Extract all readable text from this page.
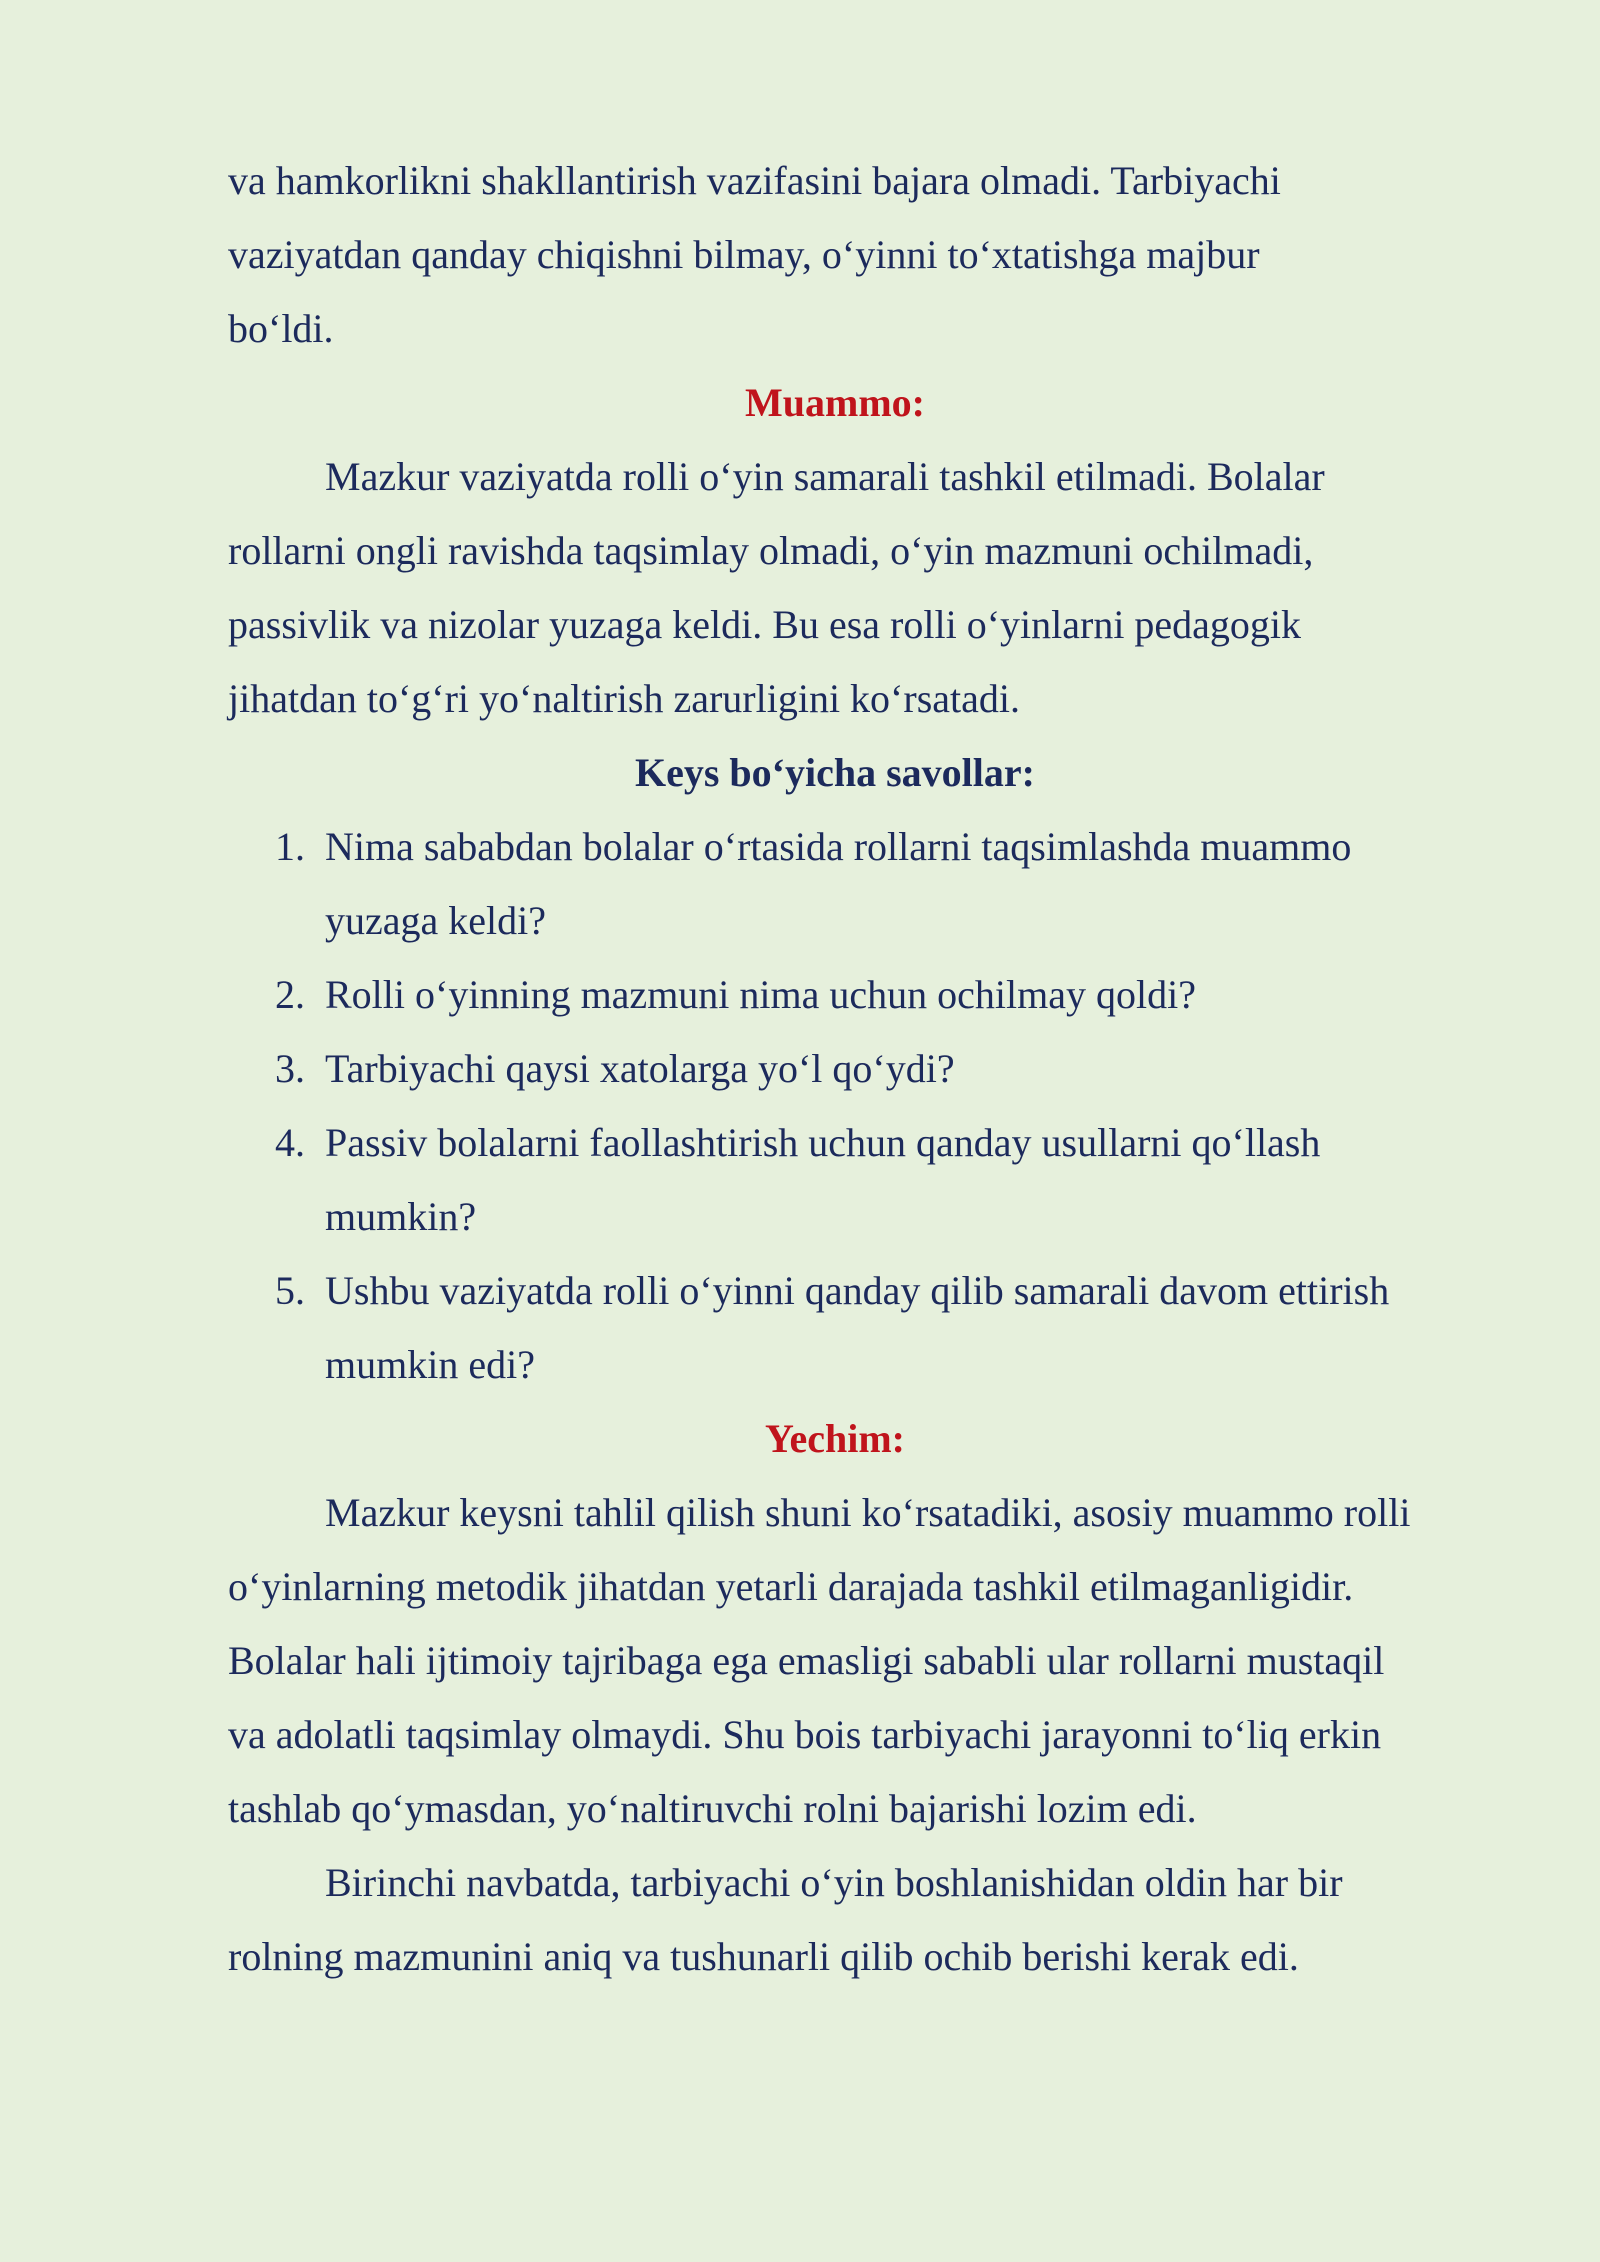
va hamkorlikni shakllantirish vazifasini bajara olmadi. Tarbiyachi

vaziyatdan qanday chiqishni bilmay, o‘yinni to‘xtatishga majbur

bo‘ldi.

Muammo:

Mazkur vaziyatda rolli o‘yin samarali tashkil etilmadi. Bolalar rollarni ongli ravishda taqsimlay olmadi, o‘yin mazmuni ochilmadi, passivlik va nizolar yuzaga keldi. Bu esa rolli o‘yinlarni pedagogik jihatdan to‘g‘ri yo‘naltirish zarurligini ko‘rsatadi.

Keys bo‘yicha savollar:

1. Nima sababdan bolalar o‘rtasida rollarni taqsimlashda muammo yuzaga keldi?
2. Rolli o‘yinning mazmuni nima uchun ochilmay qoldi?
3. Tarbiyachi qaysi xatolarga yo‘l qo‘ydi?
4. Passiv bolalarni faollashtirish uchun qanday usullarni qo‘llash mumkin?
5. Ushbu vaziyatda rolli o‘yinni qanday qilib samarali davom ettirish mumkin edi?

Yechim:

Mazkur keysni tahlil qilish shuni ko‘rsatadiki, asosiy muammo rolli o‘yinlarning metodik jihatdan yetarli darajada tashkil etilmaganligidir. Bolalar hali ijtimoiy tajribaga ega emasligi sababli ular rollarni mustaqil va adolatli taqsimlay olmaydi. Shu bois tarbiyachi jarayonni to‘liq erkin tashlab qo‘ymasdan, yo‘naltiruvchi rolni bajarishi lozim edi.

Birinchi navbatda, tarbiyachi o‘yin boshlanishidan oldin har bir rolning mazmunini aniq va tushunarli qilib ochib berishi kerak edi.
